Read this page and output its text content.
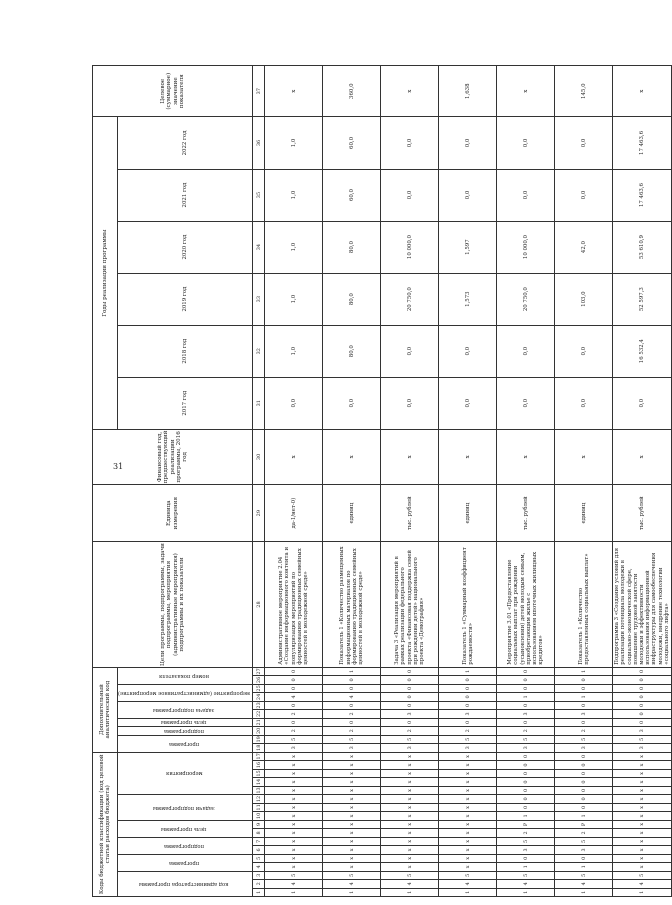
31
Коды бюджетной классификации (код целевой статьи расходов бюджета)																	Дополнительный аналитический код										Цели программы, подпрограммы, задачи подпрограммы, мероприятия (административные мероприятия) подпрограммы и их показатели	Единица измерения	Финансовый год, предшествующий реализации программы, 2016 год	Годы реализации программы						Целевое (суммарное) значение показателя
код администратора программы			программа		подпрограмма		цель программы		задачи подпрограммы			мероприятия					программа		подпрограмма	цель программы	задача подпрограммы		мероприятие (административное мероприятие)		номер показателя											
																														2017 год	2018 год	2019 год	2020 год	2021 год	2022 год	
1	2	3	4	5	6	7	8	9	10	11	12	13	14	15	16	17	18	19	20	21	22	23	24	25	26	27	28	29	30	31	32	33	34	35	36	37
1	4	5	x	x	x	x	x	x	x	x	x	x	x	x	x	x	3	5	2	0	2	0	4	0	0	0	Административное мероприятие 2.04 «Создание информационного контента и популяризация мероприятий по формированию традиционных семейных ценностей в молодежной среде»	да-1/нет-0)	x	0,0	1,0	1,0	1,0	1,0	1,0	x
1	4	5	x	x	x	x	x	x	x	x	x	x	x	x	x	x	3	5	2	0	2	0	4	0	0	1	Показатель 1 «Количество размещенных информационных материалов по формированию традиционных семейных ценностей в молодежной среде»	единиц	x	0,0	80,0	80,0	80,0	60,0	60,0	360,0
1	4	5	x	x	x	x	x	x	x	x	x	x	x	x	x	x	3	5	2	0	3	0	0	0	0	0	Задача 3 «Реализация мероприятий в рамках реализации федерального проекта «Финансовая поддержка семей при рождении детей» национального проекта «Демография»	тыс. рублей	x	0,0	0,0	20 750,0	10 000,0	0,0	0,0	x
1	4	5	x	x	x	x	x	x	x	x	x	x	x	x	x	x	3	5	2	0	3	0	0	0	0	1	Показатель 1 «Суммарный коэффициент рождаемости»	единиц	x	0,0	0,0	1,573	1,597	0,0	0,0	1,638
1	4	5	1	0	3	5	2	P	1	0	0	0	0	0	0	0	3	5	2	0	3	0	1	0	0	0	Мероприятие 3.01 «Предоставление социальных выплат при рождении (усыновлении) детей молодым семьям, приобретающим жилье с использованием ипотечных жилищных кредитов»	тыс. рублей	x	0,0	0,0	20 750,0	10 000,0	0,0	0,0	x
1	4	5	1	0	3	5	2	P	1	0	0	0	0	0	0	0	3	5	2	0	3	0	1	0	0	1	Показатель 1 «Количество предоставленных социальных выплат»	единиц	x	0,0	0,0	103,0	42,0	0,0	0,0	145,0
1	4	5	x	x	x	x	x	x	x	x	x	x	x	x	x	x	3	5	3	0	0	0	0	0	0	0	Подпрограмма 3 «Создание условий для реализации потенциала молодежи в социально-экономической сфере, повышение трудовой занятости молодежи и эффективности использования информационной инфраструктуры для самообеспечения молодежи, внедрение технологии «социального лифта»	тыс. рублей	x	0,0	16 532,4	52 597,3	53 610,9	17 463,6	17 463,6	x
